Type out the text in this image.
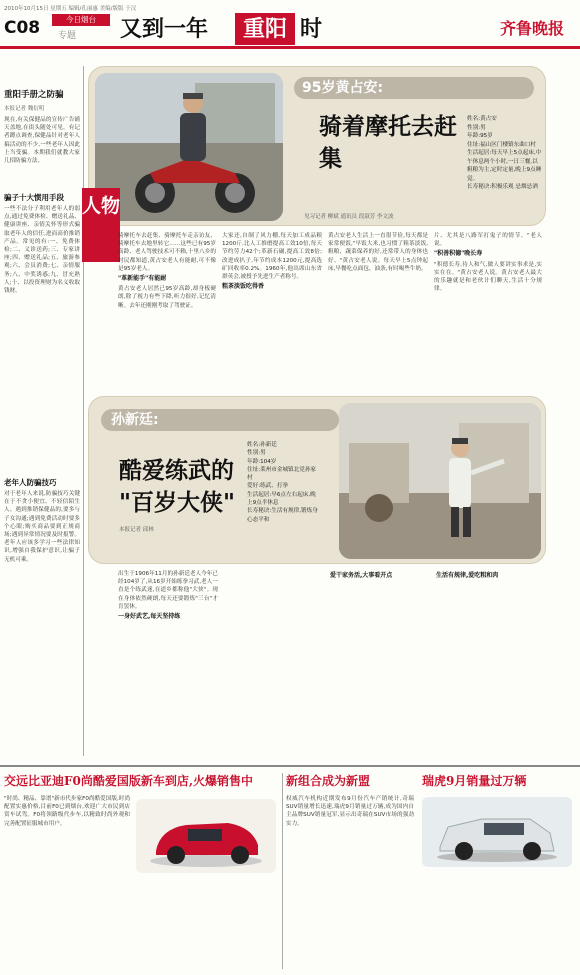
2010年10月15日 星期五 编辑/孔丽惠 美编/版版 于汉
C08	今日烟台
专题 又到一年	重阳 时	齐鲁晚报
重阳手册之防骗
本报记者 魏衍明
现在,有关保健品的宣传广告铺天盖地,在街头随处可见。有记者蹲点调查,保健品针对老年人搞活动的不少,一些老年人因此上当受骗。本期我们就教大家几招防骗方法。
骗子十大惯用手段
一些不法分子利用老年人的弱点,通过免费体检、赠送礼品、健康讲座、亲情关怀等形式骗取老年人的信任,进而高价推销产品。常见的有:一、免费体检;二、义诊送药;三、专家讲座;四、赠送礼品;五、旅游参观;六、会员消费;七、亲情服务;八、中奖诱惑;九、冒充熟人;十、以投资理财为名义收取钱财。
老年人防骗技巧
对于老年人来说,防骗技巧关键在于不贪小便宜、不轻信陌生人。遇到推销保健品的,要多与子女沟通;遇到免费活动时要多个心眼;购买商品要到正规商场;遇到异常情况要及时报警。老年人应该多学习一些法律知识,增强自我保护意识,让骗子无机可乘。
95岁黄占安:
骑着摩托去赶集
姓名:黄占安
性别:男
年龄:95岁
住址:福山区门楼镇东曲口村
生活起居:每天早上5点起床,中午休息两个小时,一日三餐,以粗粮为主,定时定量,晚上9点睡觉。
长寿秘诀:积极乐观 忌烟忌酒
见习记者 柳斌 通讯员 段淑芳 李文波
人物
骑摩托车去赶集、骑摩托车走亲访友、骑摩托车去地里转它……这些已有95岁高龄、老人驾驶技术可不赖,十里八乡的村民都知道,黄占安老人有能耐,可不像是95岁老人。
"革新能手"有能耐
黄占安老人居然已95岁高龄,却身板硬朗,除了视力有些下降,听力很好,记忆清晰。去年还刚刚考取了驾驶证。
大家还,自制了风力棚,每天加工成品粮1200斤,比人工推磨提高工效10倍,每天节约劳力42个;革新石碾,提高工效8倍;改进成扒子,年节约成本1200元,提高选矿回收率0.2%。1960年,他出席山东省群英会,被授予先进生产者称号。
粗茶淡饭吃得香
黄占安老人生活上一直很节俭,每天都是家常便饭,"早饭大米,也习惯了粗茶淡饭,粗粮、蔬菜保养的好,还常带人的身体也好。"黄占安老人说。每天早上5点钟起床,早餐吃点面包、油条,有时喝些牛奶。
片、尤其是八路军打鬼子的情节。"老人说。
"积善积德"晚长寿
"积德长寿,待人和气,做人要讲实事求是,实实在在。"黄占安老人说。黄占安老人最大的乐趣就是和老伙计们聊天,生活十分规律。
孙新廷:
酷爱练武的
"百岁大侠"
姓名:孙新廷
性别:男
年龄:104岁
住址:莱州市金城镇北党孙家村
爱好:练武、打拳
生活起居:早6点左右起床,晚上9点半休息
长寿秘诀:生活有规律,锻炼身心态平和
本报记者 邱林
出生于1906年11月的孙新廷老人今年已经104岁了,从16岁开始练拳习武,老人一直是个练武迷,在道乡都称他"大侠"。现在身体依然硬朗,每天还要锻炼"三台"才肯罢休。
一身好武艺,每天坚持练
爱干家务活,大事看开点	生活有规律,爱吃粗和肉
交远比亚迪F0尚酷爱国版新车到店,火爆销售中
"时尚、精品、靠谱"新市代步家F0尚酷爱国版,时尚配置实惠价格,目前F0已到烟台,欢迎广大市民到店赏车试驾。F0将领路级代步车,以精致时尚外观和完善配置征服城市用户。
新组合成为新盟	瑞虎9月销量过万辆
权威汽车机构近期发布9月份汽车产销统计,奇瑞SUV销量增长迅速,瑞虎9月销量过万辆,成为国内自主品牌SUV销量冠军,显示出奇瑞在SUV市场的强劲实力。
